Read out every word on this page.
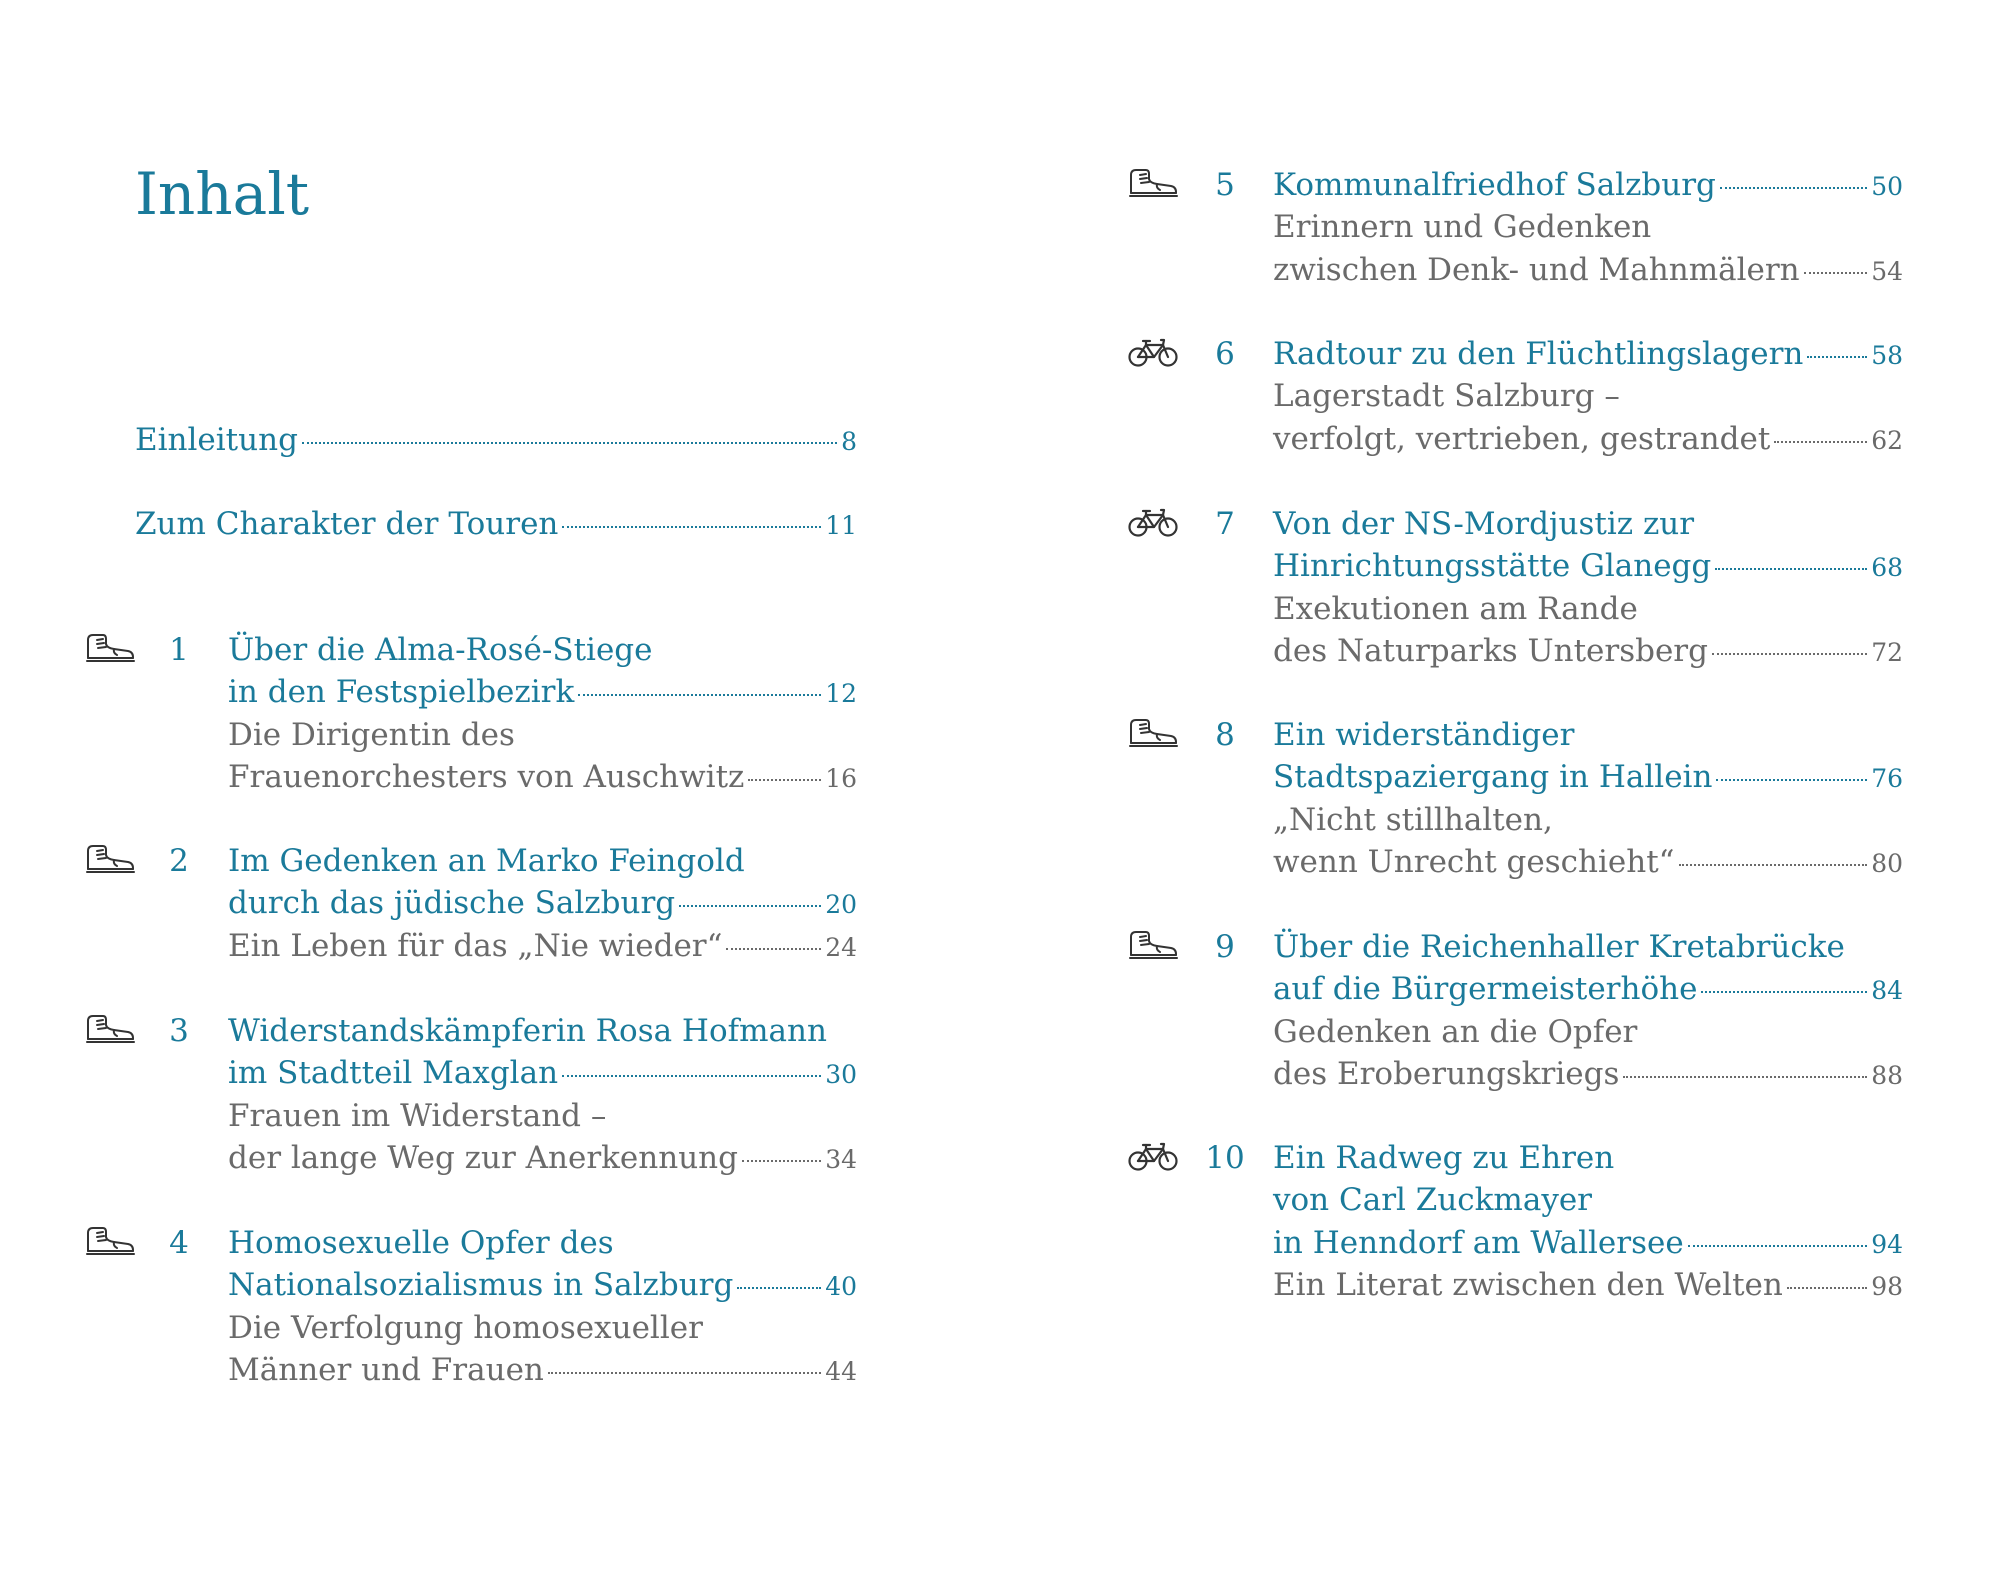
Inhalt
Einleitung	8
Zum Charakter der Touren	11
1	Über die Alma-Rosé-Stiege
in den Festspielbezirk	12
Die Dirigentin des
Frauenorchesters von Auschwitz	16
2	Im Gedenken an Marko Feingold
durch das jüdische Salzburg	20
Ein Leben für das „Nie wieder“	24
3	Widerstandskämpferin Rosa Hofmann
im Stadtteil Maxglan	30
Frauen im Widerstand –
der lange Weg zur Anerkennung	34
4	Homosexuelle Opfer des
Nationalsozialismus in Salzburg	40
Die Verfolgung homosexueller
Männer und Frauen	44
5	Kommunalfriedhof Salzburg	50
Erinnern und Gedenken
zwischen Denk- und Mahnmälern	54
6	Radtour zu den Flüchtlingslagern	58
Lagerstadt Salzburg –
verfolgt, vertrieben, gestrandet	62
7	Von der NS-Mordjustiz zur
Hinrichtungsstätte Glanegg	68
Exekutionen am Rande
des Naturparks Untersberg	72
8	Ein widerständiger
Stadtspaziergang in Hallein	76
„Nicht stillhalten,
wenn Unrecht geschieht“	80
9	Über die Reichenhaller Kretabrücke
auf die Bürgermeisterhöhe	84
Gedenken an die Opfer
des Eroberungskriegs	88
10 Ein Radweg zu Ehren
von Carl Zuckmayer
in Henndorf am Wallersee	94
Ein Literat zwischen den Welten	98
